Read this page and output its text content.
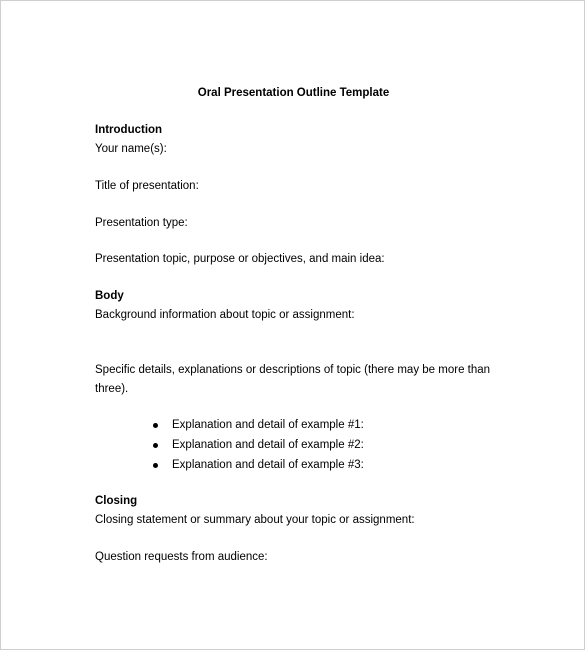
Oral Presentation Outline Template
Introduction
Your name(s):
Title of presentation:
Presentation type:
Presentation topic, purpose or objectives, and main idea:
Body
Background information about topic or assignment:
Specific details, explanations or descriptions of topic (there may be more than three).
Explanation and detail of example #1:
Explanation and detail of example #2:
Explanation and detail of example #3:
Closing
Closing statement or summary about your topic or assignment:
Question requests from audience:
